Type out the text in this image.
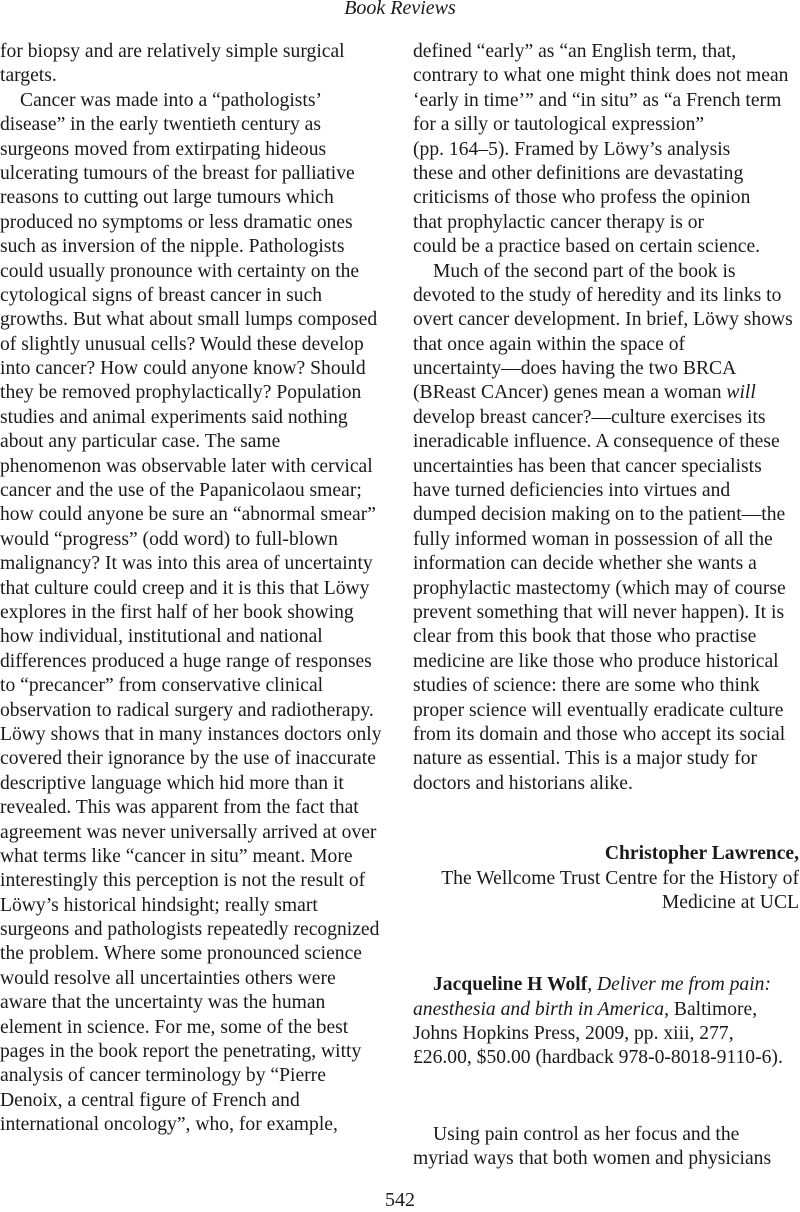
Book Reviews
for biopsy and are relatively simple surgical
targets.
Cancer was made into a “pathologists’
disease” in the early twentieth century as
surgeons moved from extirpating hideous
ulcerating tumours of the breast for palliative
reasons to cutting out large tumours which
produced no symptoms or less dramatic ones
such as inversion of the nipple. Pathologists
could usually pronounce with certainty on the
cytological signs of breast cancer in such
growths. But what about small lumps composed
of slightly unusual cells? Would these develop
into cancer? How could anyone know? Should
they be removed prophylactically? Population
studies and animal experiments said nothing
about any particular case. The same
phenomenon was observable later with cervical
cancer and the use of the Papanicolaou smear;
how could anyone be sure an “abnormal smear”
would “progress” (odd word) to full-blown
malignancy? It was into this area of uncertainty
that culture could creep and it is this that Löwy
explores in the first half of her book showing
how individual, institutional and national
differences produced a huge range of responses
to “precancer” from conservative clinical
observation to radical surgery and radiotherapy.
Löwy shows that in many instances doctors only
covered their ignorance by the use of inaccurate
descriptive language which hid more than it
revealed. This was apparent from the fact that
agreement was never universally arrived at over
what terms like “cancer in situ” meant. More
interestingly this perception is not the result of
Löwy’s historical hindsight; really smart
surgeons and pathologists repeatedly recognized
the problem. Where some pronounced science
would resolve all uncertainties others were
aware that the uncertainty was the human
element in science. For me, some of the best
pages in the book report the penetrating, witty
analysis of cancer terminology by “Pierre
Denoix, a central figure of French and
international oncology”, who, for example,
defined “early” as “an English term, that,
contrary to what one might think does not mean
‘early in time’” and “in situ” as “a French term
for a silly or tautological expression”
(pp. 164–5). Framed by Löwy’s analysis
these and other definitions are devastating
criticisms of those who profess the opinion
that prophylactic cancer therapy is or
could be a practice based on certain science.
Much of the second part of the book is
devoted to the study of heredity and its links to
overt cancer development. In brief, Löwy shows
that once again within the space of
uncertainty—does having the two BRCA
(BReast CAncer) genes mean a woman will
develop breast cancer?—culture exercises its
ineradicable influence. A consequence of these
uncertainties has been that cancer specialists
have turned deficiencies into virtues and
dumped decision making on to the patient—the
fully informed woman in possession of all the
information can decide whether she wants a
prophylactic mastectomy (which may of course
prevent something that will never happen). It is
clear from this book that those who practise
medicine are like those who produce historical
studies of science: there are some who think
proper science will eventually eradicate culture
from its domain and those who accept its social
nature as essential. This is a major study for
doctors and historians alike.
Christopher Lawrence,
The Wellcome Trust Centre for the History of
Medicine at UCL
Jacqueline H Wolf, Deliver me from pain:
anesthesia and birth in America, Baltimore,
Johns Hopkins Press, 2009, pp. xiii, 277,
£26.00, $50.00 (hardback 978-0-8018-9110-6).
Using pain control as her focus and the
myriad ways that both women and physicians
542
